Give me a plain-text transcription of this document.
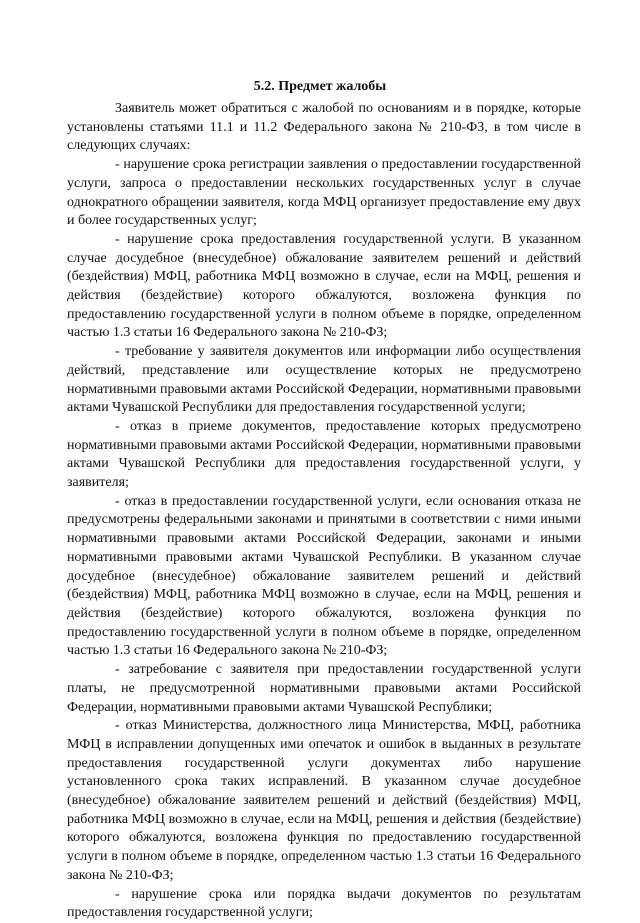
5.2. Предмет жалобы

Заявитель может обратиться с жалобой по основаниям и в порядке, которые установлены статьями 11.1 и 11.2 Федерального закона № 210-ФЗ, в том числе в следующих случаях:

- нарушение срока регистрации заявления о предоставлении государственной услуги, запроса о предоставлении нескольких государственных услуг в случае однократного обращении заявителя, когда МФЦ организует предоставление ему двух и более государственных услуг;

- нарушение срока предоставления государственной услуги. В указанном случае досудебное (внесудебное) обжалование заявителем решений и действий (бездействия) МФЦ, работника МФЦ возможно в случае, если на МФЦ, решения и действия (бездействие) которого обжалуются, возложена функция по предоставлению государственной услуги в полном объеме в порядке, определенном частью 1.3 статьи 16 Федерального закона № 210-ФЗ;

- требование у заявителя документов или информации либо осуществления действий, представление или осуществление которых не предусмотрено нормативными правовыми актами Российской Федерации, нормативными правовыми актами Чувашской Республики для предоставления государственной услуги;

- отказ в приеме документов, предоставление которых предусмотрено нормативными правовыми актами Российской Федерации, нормативными правовыми актами Чувашской Республики для предоставления государственной услуги, у заявителя;

- отказ в предоставлении государственной услуги, если основания отказа не предусмотрены федеральными законами и принятыми в соответствии с ними иными нормативными правовыми актами Российской Федерации, законами и иными нормативными правовыми актами Чувашской Республики. В указанном случае досудебное (внесудебное) обжалование заявителем решений и действий (бездействия) МФЦ, работника МФЦ возможно в случае, если на МФЦ, решения и действия (бездействие) которого обжалуются, возложена функция по предоставлению государственной услуги в полном объеме в порядке, определенном частью 1.3 статьи 16 Федерального закона № 210-ФЗ;

- затребование с заявителя при предоставлении государственной услуги платы, не предусмотренной нормативными правовыми актами Российской Федерации, нормативными правовыми актами Чувашской Республики;

- отказ Министерства, должностного лица Министерства, МФЦ, работника МФЦ в исправлении допущенных ими опечаток и ошибок в выданных в результате предоставления государственной услуги документах либо нарушение установленного срока таких исправлений. В указанном случае досудебное (внесудебное) обжалование заявителем решений и действий (бездействия) МФЦ, работника МФЦ возможно в случае, если на МФЦ, решения и действия (бездействие) которого обжалуются, возложена функция по предоставлению государственной услуги в полном объеме в порядке, определенном частью 1.3 статьи 16 Федерального закона № 210-ФЗ;

- нарушение срока или порядка выдачи документов по результатам предоставления государственной услуги;
